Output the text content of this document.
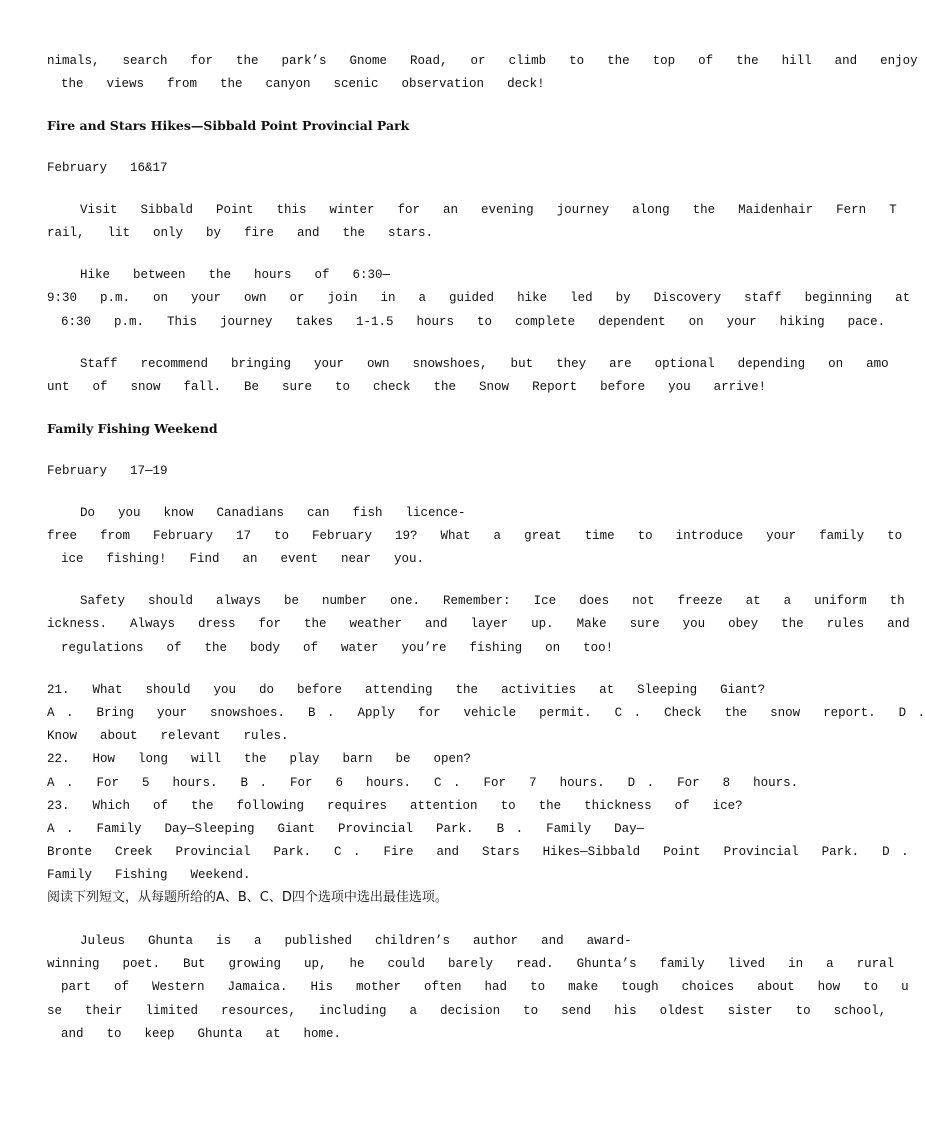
nimals,  search  for  the  park’s  Gnome  Road,  or  climb  to  the  top  of  the  hill  and  enjoy
the  views  from  the  canyon  scenic  observation  deck!
Fire and Stars Hikes—Sibbald Point Provincial Park
February  16&17
Visit  Sibbald  Point  this  winter  for  an  evening  journey  along  the  Maidenhair  Fern  T
rail,  lit  only  by  fire  and  the  stars.
Hike  between  the  hours  of  6:30—
9:30  p.m.  on  your  own  or  join  in  a  guided  hike  led  by  Discovery  staff  beginning  at
6:30  p.m.  This  journey  takes  1-1.5  hours  to  complete  dependent  on  your  hiking  pace.
Staff  recommend  bringing  your  own  snowshoes,  but  they  are  optional  depending  on  amo
unt  of  snow  fall.  Be  sure  to  check  the  Snow  Report  before  you  arrive!
Family Fishing Weekend
February  17—19
Do  you  know  Canadians  can  fish  licence-
free  from  February  17  to  February  19?  What  a  great  time  to  introduce  your  family  to
ice  fishing!  Find  an  event  near  you.
Safety  should  always  be  number  one.  Remember:  Ice  does  not  freeze  at  a  uniform  th
ickness.  Always  dress  for  the  weather  and  layer  up.  Make  sure  you  obey  the  rules  and
regulations  of  the  body  of  water  you’re  fishing  on  too!
21.  What  should  you  do  before  attending  the  activities  at  Sleeping  Giant?
A .  Bring  your  snowshoes.  B .  Apply  for  vehicle  permit.  C .  Check  the  snow  report.  D .
Know  about  relevant  rules.
22.  How  long  will  the  play  barn  be  open?
A .  For  5  hours.  B .  For  6  hours.  C .  For  7  hours.  D .  For  8  hours.
23.  Which  of  the  following  requires  attention  to  the  thickness  of  ice?
A .  Family  Day—Sleeping  Giant  Provincial  Park.  B .  Family  Day—
Bronte  Creek  Provincial  Park.  C .  Fire  and  Stars  Hikes—Sibbald  Point  Provincial  Park.  D .
Family  Fishing  Weekend.
阅读下列短文，从每题所给的A、B、C、D四个选项中选出最佳选项。
Juleus  Ghunta  is  a  published  children’s  author  and  award-
winning  poet.  But  growing  up,  he  could  barely  read.  Ghunta’s  family  lived  in  a  rural
part  of  Western  Jamaica.  His  mother  often  had  to  make  tough  choices  about  how  to  u
se  their  limited  resources,  including  a  decision  to  send  his  oldest  sister  to  school,
and  to  keep  Ghunta  at  home.
